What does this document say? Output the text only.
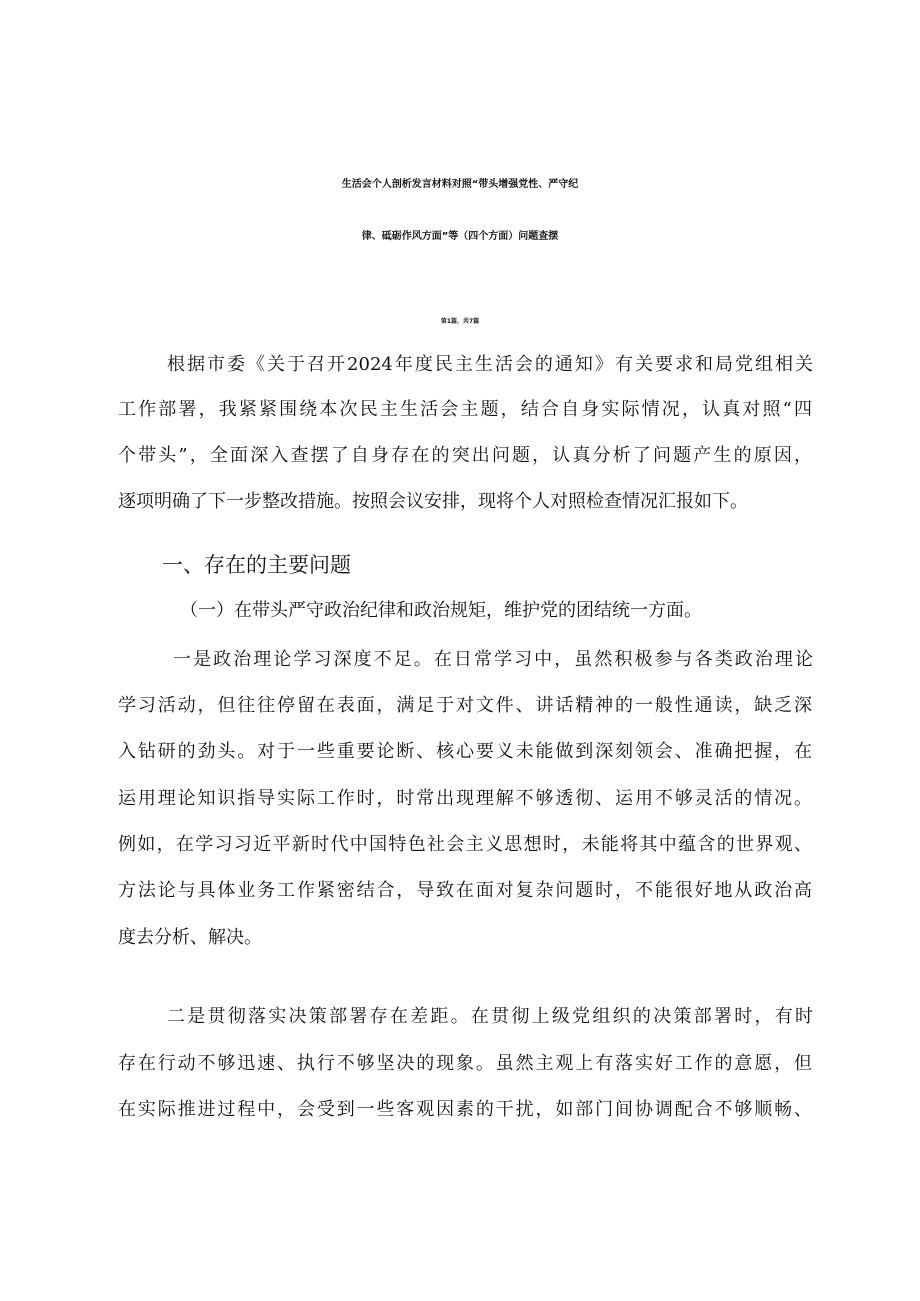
生活会个人剖析发言材料对照“带头增强党性、严守纪
律、砥砺作风方面”等（四个方面）问题查摆
第1篇，共7篇
根据市委《关于召开2024年度民主生活会的通知》有关要求和局党组相关
工作部署，我紧紧围绕本次民主生活会主题，结合自身实际情况，认真对照“四
个带头”，全面深入查摆了自身存在的突出问题，认真分析了问题产生的原因，
逐项明确了下一步整改措施。按照会议安排，现将个人对照检查情况汇报如下。
一、存在的主要问题
（一）在带头严守政治纪律和政治规矩，维护党的团结统一方面。
一是政治理论学习深度不足。在日常学习中，虽然积极参与各类政治理论
学习活动，但往往停留在表面，满足于对文件、讲话精神的一般性通读，缺乏深
入钻研的劲头。对于一些重要论断、核心要义未能做到深刻领会、准确把握，在
运用理论知识指导实际工作时，时常出现理解不够透彻、运用不够灵活的情况。
例如，在学习习近平新时代中国特色社会主义思想时，未能将其中蕴含的世界观、
方法论与具体业务工作紧密结合，导致在面对复杂问题时，不能很好地从政治高
度去分析、解决。
二是贯彻落实决策部署存在差距。在贯彻上级党组织的决策部署时，有时
存在行动不够迅速、执行不够坚决的现象。虽然主观上有落实好工作的意愿，但
在实际推进过程中，会受到一些客观因素的干扰，如部门间协调配合不够顺畅、
